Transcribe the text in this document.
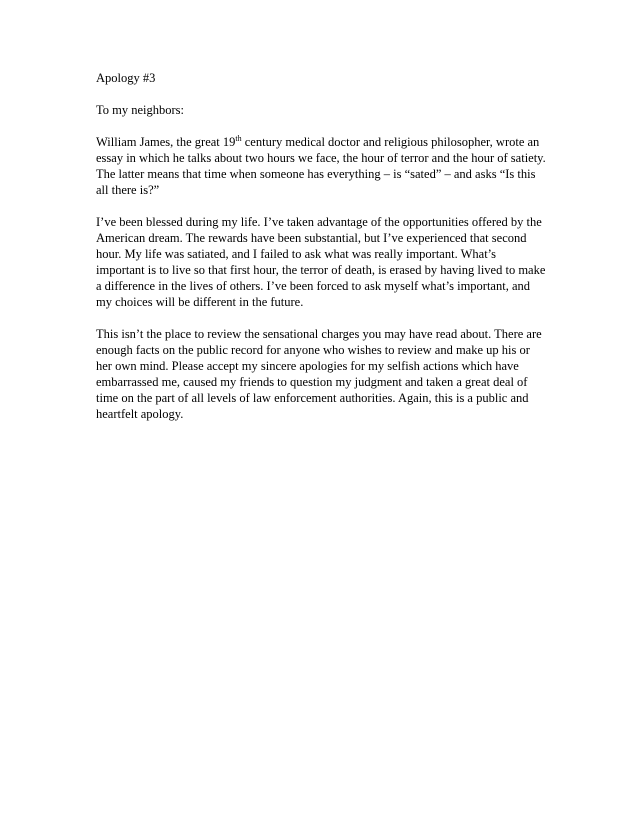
Apology #3

To my neighbors:

William James, the great 19th century medical doctor and religious philosopher, wrote an essay in which he talks about two hours we face, the hour of terror and the hour of satiety. The latter means that time when someone has everything – is “sated” – and asks “Is this all there is?”

I’ve been blessed during my life. I’ve taken advantage of the opportunities offered by the American dream. The rewards have been substantial, but I’ve experienced that second hour. My life was satiated, and I failed to ask what was really important. What’s important is to live so that first hour, the terror of death, is erased by having lived to make a difference in the lives of others. I’ve been forced to ask myself what’s important, and my choices will be different in the future.

This isn’t the place to review the sensational charges you may have read about. There are enough facts on the public record for anyone who wishes to review and make up his or her own mind. Please accept my sincere apologies for my selfish actions which have embarrassed me, caused my friends to question my judgment and taken a great deal of time on the part of all levels of law enforcement authorities. Again, this is a public and heartfelt apology.
